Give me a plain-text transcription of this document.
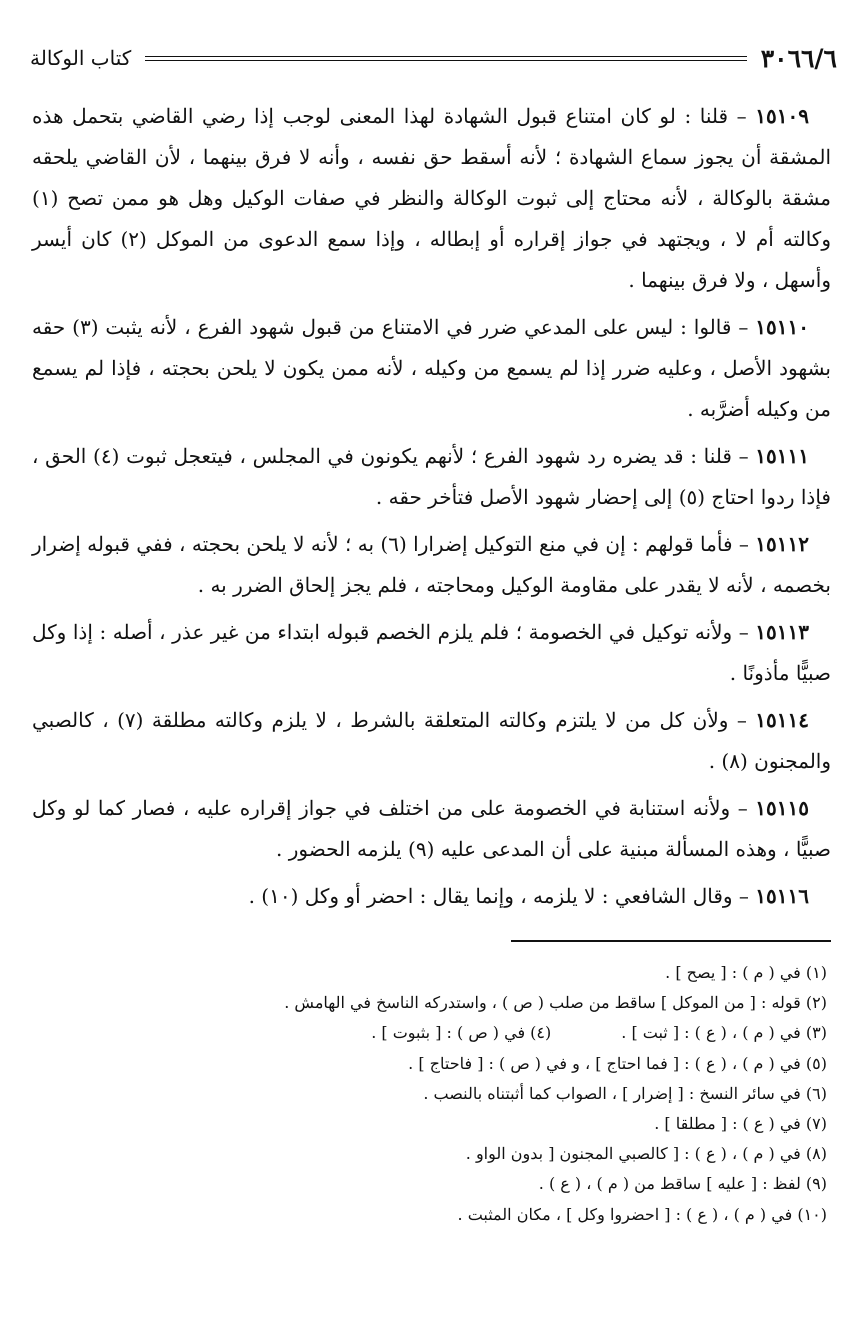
٣٠٦٦/٦
كتاب الوكالة

١٥١٠٩ – قلنا : لو كان امتناع قبول الشهادة لهذا المعنى لوجب إذا رضي القاضي بتحمل هذه المشقة أن يجوز سماع الشهادة ؛ لأنه أسقط حق نفسه ، وأنه لا فرق بينهما ، لأن القاضي يلحقه مشقة بالوكالة ، لأنه محتاج إلى ثبوت الوكالة والنظر في صفات الوكيل وهل هو ممن تصح (١) وكالته أم لا ، ويجتهد في جواز إقراره أو إبطاله ، وإذا سمع الدعوى من الموكل (٢) كان أيسر وأسهل ، ولا فرق بينهما .

١٥١١٠ – قالوا : ليس على المدعي ضرر في الامتناع من قبول شهود الفرع ، لأنه يثبت (٣) حقه بشهود الأصل ، وعليه ضرر إذا لم يسمع من وكيله ، لأنه ممن يكون لا يلحن بحجته ، فإذا لم يسمع من وكيله أضرَّبه .

١٥١١١ – قلنا : قد يضره رد شهود الفرع ؛ لأنهم يكونون في المجلس ، فيتعجل ثبوت (٤) الحق ، فإذا ردوا احتاج (٥) إلى إحضار شهود الأصل فتأخر حقه .

١٥١١٢ – فأما قولهم : إن في منع التوكيل إضرارا (٦) به ؛ لأنه لا يلحن بحجته ، ففي قبوله إضرار بخصمه ، لأنه لا يقدر على مقاومة الوكيل ومحاجته ، فلم يجز إلحاق الضرر به .

١٥١١٣ – ولأنه توكيل في الخصومة ؛ فلم يلزم الخصم قبوله ابتداء من غير عذر ، أصله : إذا وكل صبيًّا مأذونًا .

١٥١١٤ – ولأن كل من لا يلتزم وكالته المتعلقة بالشرط ، لا يلزم وكالته مطلقة (٧) ، كالصبي والمجنون (٨) .

١٥١١٥ – ولأنه استنابة في الخصومة على من اختلف في جواز إقراره عليه ، فصار كما لو وكل صبيًّا ، وهذه المسألة مبنية على أن المدعى عليه (٩) يلزمه الحضور .

١٥١١٦ – وقال الشافعي : لا يلزمه ، وإنما يقال : احضر أو وكل (١٠) .

(١) في ( م ) : [ يصح ] .
(٢) قوله : [ من الموكل ] ساقط من صلب ( ص ) ، واستدركه الناسخ في الهامش .
(٣) في ( م ) ، ( ع ) : [ ثبت ] .
(٤) في ( ص ) : [ بثبوت ] .
(٥) في ( م ) ، ( ع ) : [ فما احتاج ] ، و في ( ص ) : [ فاحتاج ] .
(٦) في سائر النسخ : [ إضرار ] ، الصواب كما أثبتناه بالنصب .
(٧) في ( ع ) : [ مطلقا ] .
(٨) في ( م ) ، ( ع ) : [ كالصبي المجنون [ بدون الواو .
(٩) لفظ : [ عليه ] ساقط من ( م ) ، ( ع ) .
(١٠) في ( م ) ، ( ع ) : [ احضروا وكل ] ، مكان المثبت .
